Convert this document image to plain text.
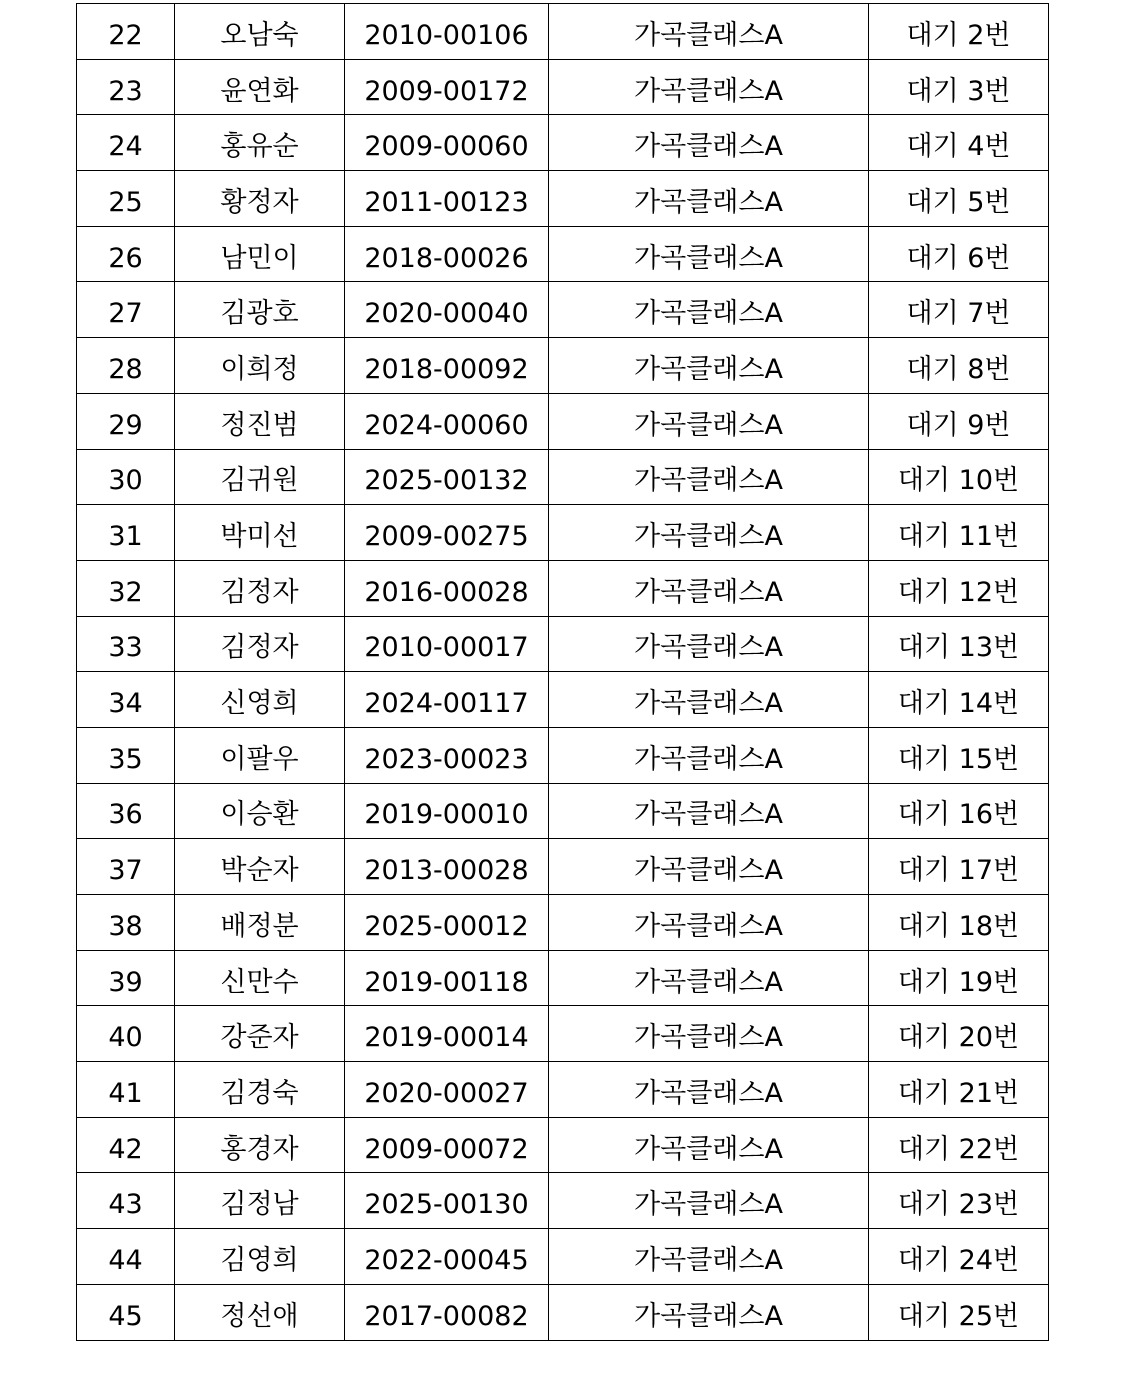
22	오남숙	2010-00106	가곡클래스A	대기 2번
23	윤연화	2009-00172	가곡클래스A	대기 3번
24	홍유순	2009-00060	가곡클래스A	대기 4번
25	황정자	2011-00123	가곡클래스A	대기 5번
26	남민이	2018-00026	가곡클래스A	대기 6번
27	김광호	2020-00040	가곡클래스A	대기 7번
28	이희정	2018-00092	가곡클래스A	대기 8번
29	정진범	2024-00060	가곡클래스A	대기 9번
30	김귀원	2025-00132	가곡클래스A	대기 10번
31	박미선	2009-00275	가곡클래스A	대기 11번
32	김정자	2016-00028	가곡클래스A	대기 12번
33	김정자	2010-00017	가곡클래스A	대기 13번
34	신영희	2024-00117	가곡클래스A	대기 14번
35	이팔우	2023-00023	가곡클래스A	대기 15번
36	이승환	2019-00010	가곡클래스A	대기 16번
37	박순자	2013-00028	가곡클래스A	대기 17번
38	배정분	2025-00012	가곡클래스A	대기 18번
39	신만수	2019-00118	가곡클래스A	대기 19번
40	강준자	2019-00014	가곡클래스A	대기 20번
41	김경숙	2020-00027	가곡클래스A	대기 21번
42	홍경자	2009-00072	가곡클래스A	대기 22번
43	김정남	2025-00130	가곡클래스A	대기 23번
44	김영희	2022-00045	가곡클래스A	대기 24번
45	정선애	2017-00082	가곡클래스A	대기 25번
